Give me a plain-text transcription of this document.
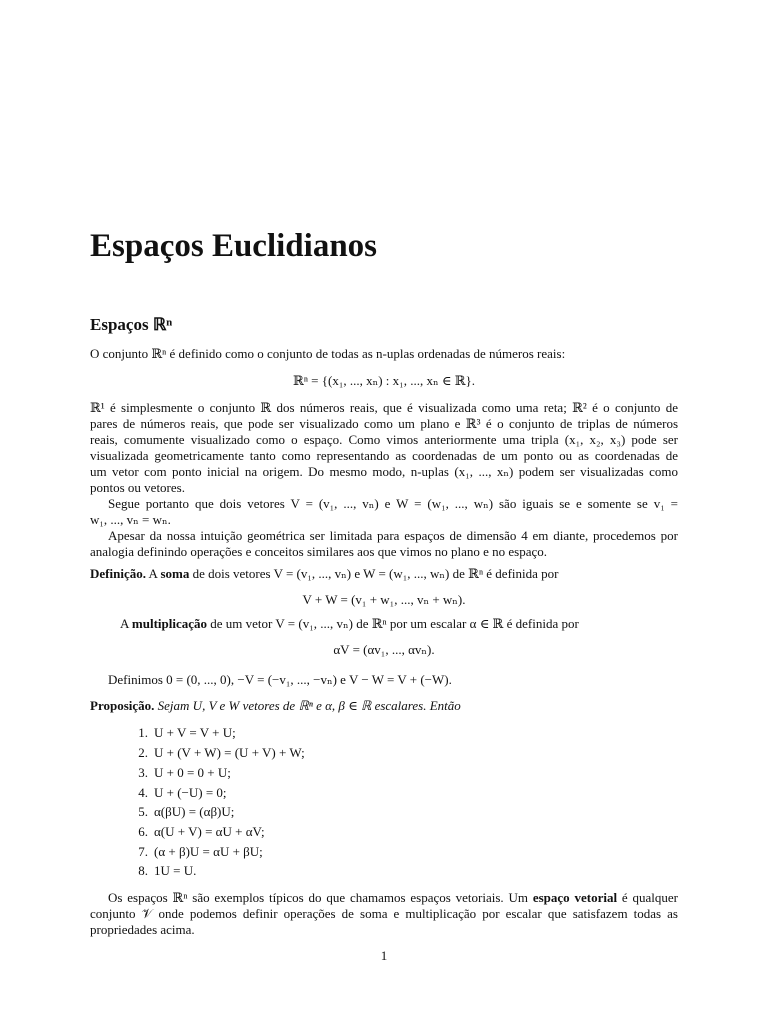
Espaços Euclidianos
Espaços ℝⁿ
O conjunto ℝⁿ é definido como o conjunto de todas as n-uplas ordenadas de números reais:
ℝⁿ = {(x₁, ..., xₙ) : x₁, ..., xₙ ∈ ℝ}.
ℝ¹ é simplesmente o conjunto ℝ dos números reais, que é visualizada como uma reta; ℝ² é o conjunto de
pares de números reais, que pode ser visualizado como um plano e ℝ³ é o conjunto de triplas de números
reais, comumente visualizado como o espaço. Como vimos anteriormente uma tripla (x₁, x₂, x₃) pode ser
visualizada geometricamente tanto como representando as coordenadas de um ponto ou as coordenadas de
um vetor com ponto inicial na origem. Do mesmo modo, n-uplas (x₁, ..., xₙ) podem ser visualizadas como
pontos ou vetores.
Segue portanto que dois vetores V = (v₁, ..., vₙ) e W = (w₁, ..., wₙ) são iguais se e somente se v₁ =
w₁, ..., vₙ = wₙ.
Apesar da nossa intuição geométrica ser limitada para espaços de dimensão 4 em diante, procedemos por
analogia definindo operações e conceitos similares aos que vimos no plano e no espaço.
Definição. A soma de dois vetores V = (v₁, ..., vₙ) e W = (w₁, ..., wₙ) de ℝⁿ é definida por
V + W = (v₁ + w₁, ..., vₙ + wₙ).
A multiplicação de um vetor V = (v₁, ..., vₙ) de ℝⁿ por um escalar α ∈ ℝ é definida por
αV = (αv₁, ..., αvₙ).
Definimos 0 = (0, ..., 0), −V = (−v₁, ..., −vₙ) e V − W = V + (−W).
Proposição. Sejam U, V e W vetores de ℝⁿ e α, β ∈ ℝ escalares. Então
1. U + V = V + U;
2. U + (V + W) = (U + V) + W;
3. U + 0 = 0 + U;
4. U + (−U) = 0;
5. α(βU) = (αβ)U;
6. α(U + V) = αU + αV;
7. (α + β)U = αU + βU;
8. 1U = U.
Os espaços ℝⁿ são exemplos típicos do que chamamos espaços vetoriais. Um espaço vetorial é qualquer
conjunto 𝒱 onde podemos definir operações de soma e multiplicação por escalar que satisfazem todas as
propriedades acima.
1
